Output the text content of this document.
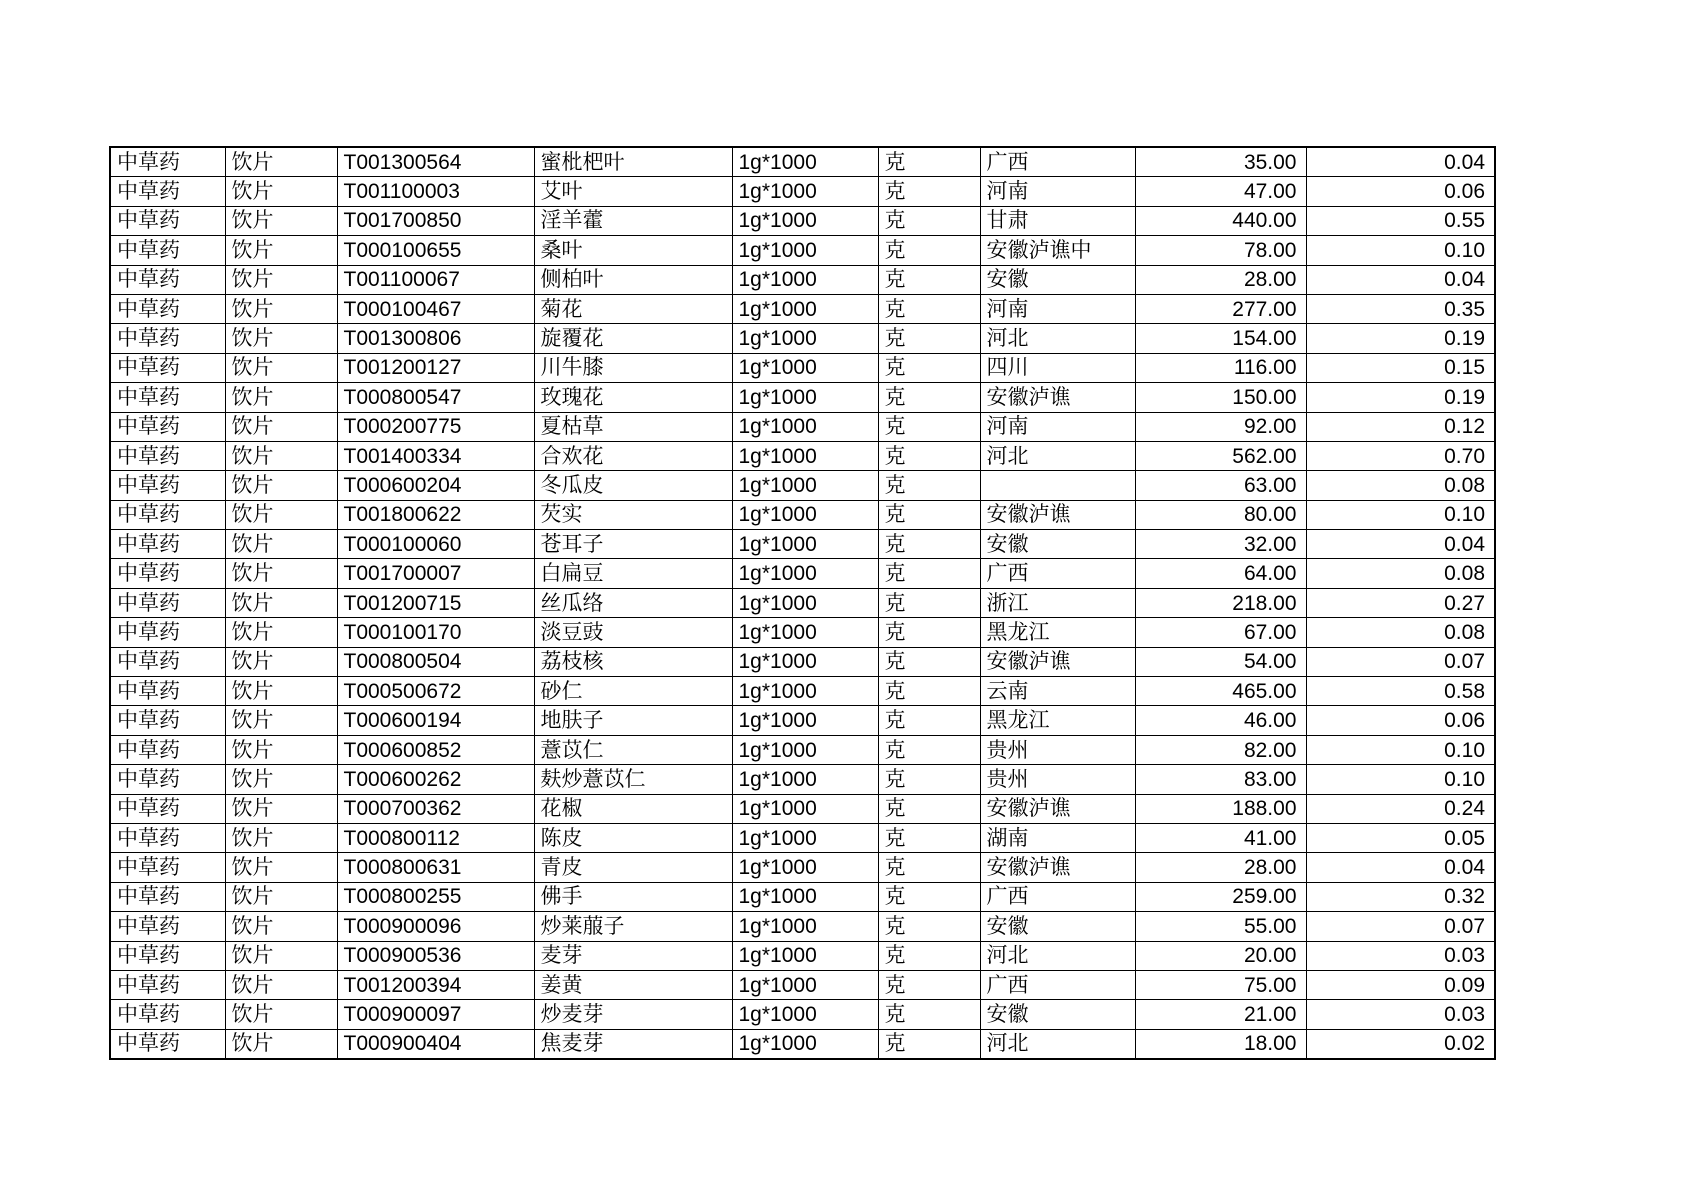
中草药	饮片	T001300564	蜜枇杷叶	1g*1000	克	广西	35.00	0.04
中草药	饮片	T001100003	艾叶	1g*1000	克	河南	47.00	0.06
中草药	饮片	T001700850	淫羊藿	1g*1000	克	甘肃	440.00	0.55
中草药	饮片	T000100655	桑叶	1g*1000	克	安徽泸谯中	78.00	0.10
中草药	饮片	T001100067	侧柏叶	1g*1000	克	安徽	28.00	0.04
中草药	饮片	T000100467	菊花	1g*1000	克	河南	277.00	0.35
中草药	饮片	T001300806	旋覆花	1g*1000	克	河北	154.00	0.19
中草药	饮片	T001200127	川牛膝	1g*1000	克	四川	116.00	0.15
中草药	饮片	T000800547	玫瑰花	1g*1000	克	安徽泸谯	150.00	0.19
中草药	饮片	T000200775	夏枯草	1g*1000	克	河南	92.00	0.12
中草药	饮片	T001400334	合欢花	1g*1000	克	河北	562.00	0.70
中草药	饮片	T000600204	冬瓜皮	1g*1000	克		63.00	0.08
中草药	饮片	T001800622	芡实	1g*1000	克	安徽泸谯	80.00	0.10
中草药	饮片	T000100060	苍耳子	1g*1000	克	安徽	32.00	0.04
中草药	饮片	T001700007	白扁豆	1g*1000	克	广西	64.00	0.08
中草药	饮片	T001200715	丝瓜络	1g*1000	克	浙江	218.00	0.27
中草药	饮片	T000100170	淡豆豉	1g*1000	克	黑龙江	67.00	0.08
中草药	饮片	T000800504	荔枝核	1g*1000	克	安徽泸谯	54.00	0.07
中草药	饮片	T000500672	砂仁	1g*1000	克	云南	465.00	0.58
中草药	饮片	T000600194	地肤子	1g*1000	克	黑龙江	46.00	0.06
中草药	饮片	T000600852	薏苡仁	1g*1000	克	贵州	82.00	0.10
中草药	饮片	T000600262	麸炒薏苡仁	1g*1000	克	贵州	83.00	0.10
中草药	饮片	T000700362	花椒	1g*1000	克	安徽泸谯	188.00	0.24
中草药	饮片	T000800112	陈皮	1g*1000	克	湖南	41.00	0.05
中草药	饮片	T000800631	青皮	1g*1000	克	安徽泸谯	28.00	0.04
中草药	饮片	T000800255	佛手	1g*1000	克	广西	259.00	0.32
中草药	饮片	T000900096	炒莱菔子	1g*1000	克	安徽	55.00	0.07
中草药	饮片	T000900536	麦芽	1g*1000	克	河北	20.00	0.03
中草药	饮片	T001200394	姜黄	1g*1000	克	广西	75.00	0.09
中草药	饮片	T000900097	炒麦芽	1g*1000	克	安徽	21.00	0.03
中草药	饮片	T000900404	焦麦芽	1g*1000	克	河北	18.00	0.02
